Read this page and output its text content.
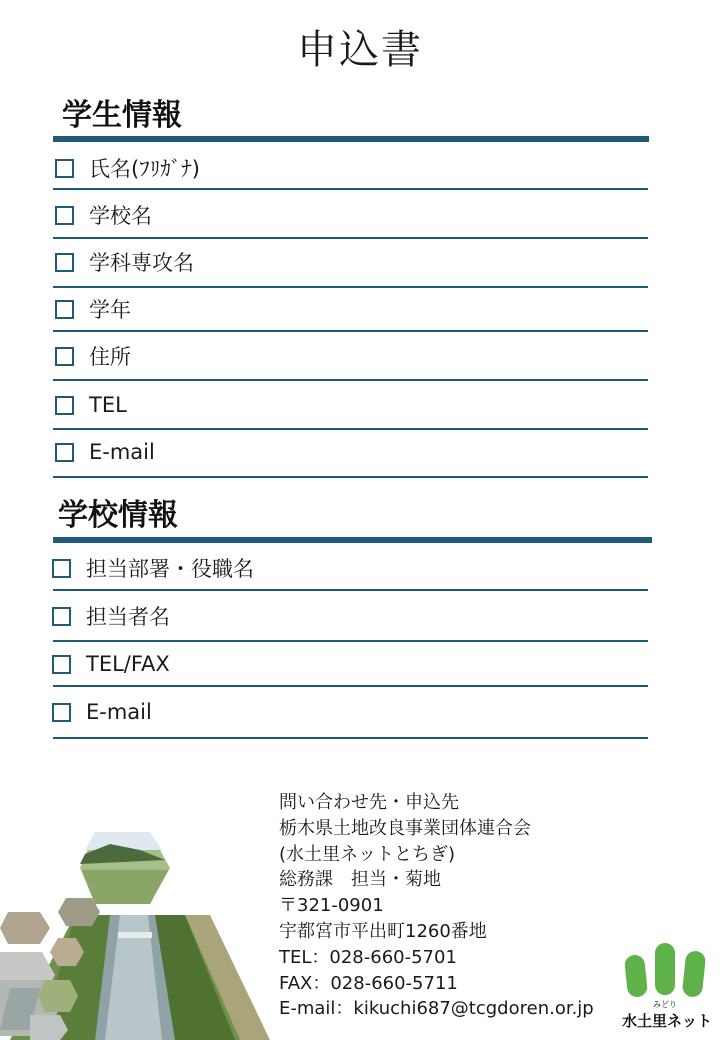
申込書
学生情報
氏名(ﾌﾘｶﾞﾅ)
学校名
学科専攻名
学年
住所
TEL
E-mail
学校情報
担当部署・役職名
担当者名
TEL/FAX
E-mail
問い合わせ先・申込先
栃木県土地改良事業団体連合会
(水土里ネットとちぎ)
総務課　担当・菊地
〒321-0901
宇都宮市平出町1260番地
TEL：028-660-5701
FAX：028-660-5711
E-mail：kikuchi687@tcgdoren.or.jp	みどり
水土里ネット
